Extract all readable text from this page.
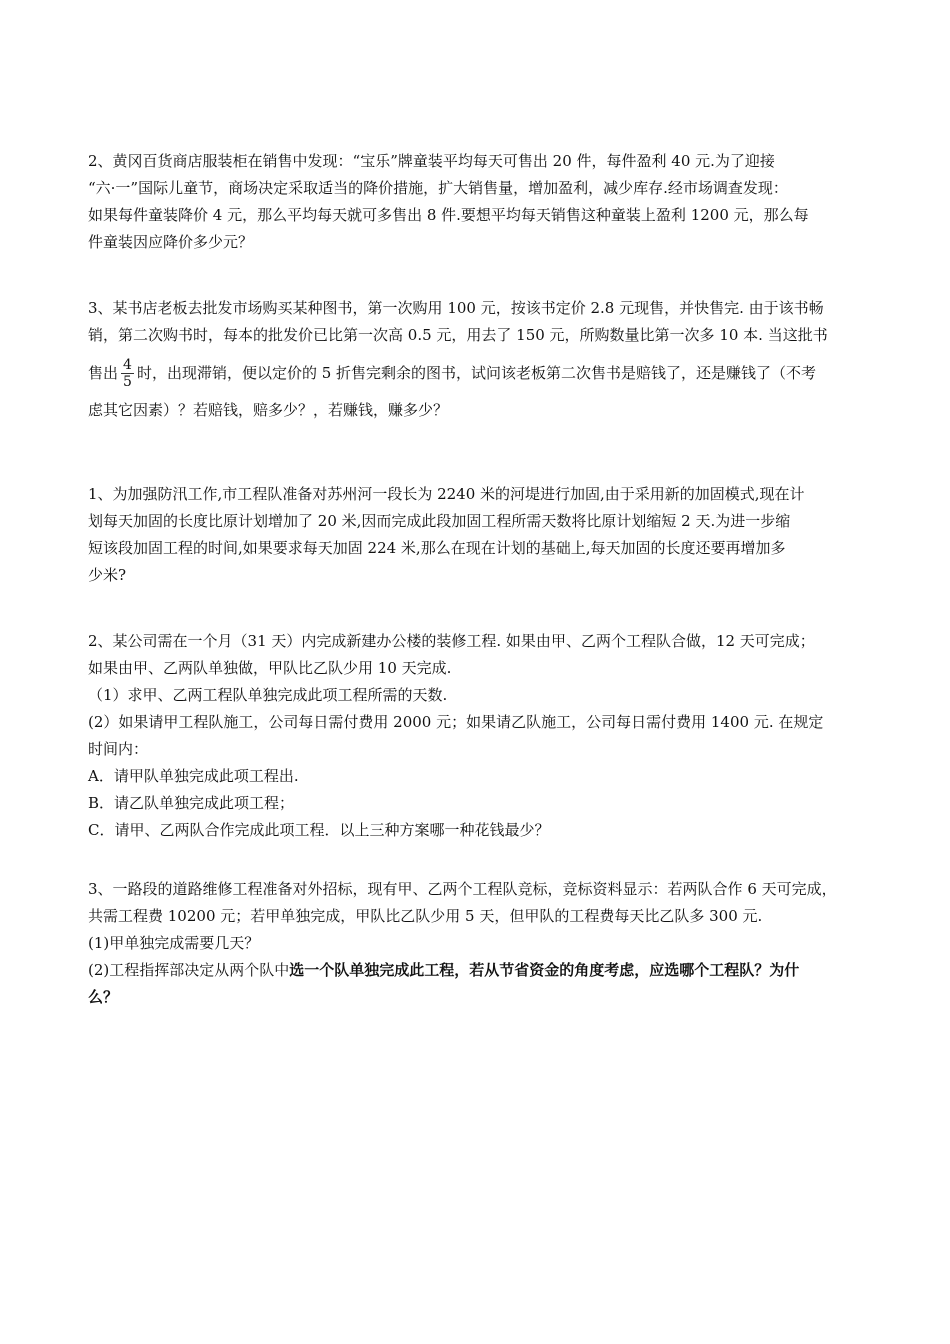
2、黄冈百货商店服装柜在销售中发现：“宝乐”牌童装平均每天可售出 20 件，每件盈利 40 元.为了迎接
“六·一”国际儿童节，商场决定采取适当的降价措施，扩大销售量，增加盈利，减少库存.经市场调查发现：
如果每件童装降价 4 元，那么平均每天就可多售出 8 件.要想平均每天销售这种童装上盈利 1200 元，那么每
件童装因应降价多少元？
3、某书店老板去批发市场购买某种图书，第一次购用 100 元，按该书定价 2.8 元现售，并快售完. 由于该书畅
销，第二次购书时，每本的批发价已比第一次高 0.5 元，用去了 150 元，所购数量比第一次多 10 本. 当这批书
售出 $\frac{4}{5}$ 时，出现滞销，便以定价的 5 折售完剩余的图书，试问该老板第二次售书是赔钱了，还是赚钱了（不考
虑其它因素）？若赔钱，赔多少？，若赚钱，赚多少？
1、为加强防汛工作,市工程队准备对苏州河一段长为 2240 米的河堤进行加固,由于采用新的加固模式,现在计
划每天加固的长度比原计划增加了 20 米,因而完成此段加固工程所需天数将比原计划缩短 2 天.为进一步缩
短该段加固工程的时间,如果要求每天加固 224 米,那么在现在计划的基础上,每天加固的长度还要再增加多
少米?
2、某公司需在一个月（31 天）内完成新建办公楼的装修工程. 如果由甲、乙两个工程队合做，12 天可完成；
如果由甲、乙两队单独做，甲队比乙队少用 10 天完成.
（1）求甲、乙两工程队单独完成此项工程所需的天数.
(2）如果请甲工程队施工，公司每日需付费用 2000 元；如果请乙队施工，公司每日需付费用 1400 元. 在规定
时间内：
A．请甲队单独完成此项工程出.
B．请乙队单独完成此项工程；
C．请甲、乙两队合作完成此项工程．以上三种方案哪一种花钱最少？
3、一路段的道路维修工程准备对外招标，现有甲、乙两个工程队竞标，竞标资料显示：若两队合作 6 天可完成，
共需工程费 10200 元；若甲单独完成，甲队比乙队少用 5 天，但甲队的工程费每天比乙队多 300 元.
(1)甲单独完成需要几天？
(2)工程指挥部决定从两个队中选一个队单独完成此工程，若从节省资金的角度考虑，应选哪个工程队？为什
么？
